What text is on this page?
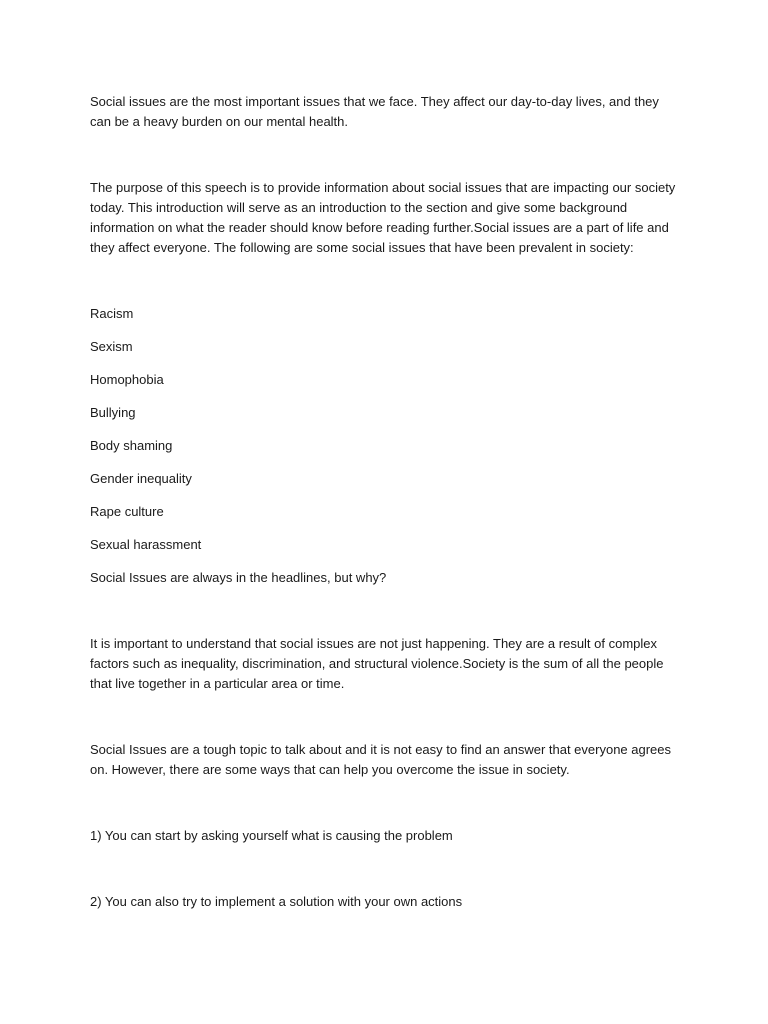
Social issues are the most important issues that we face. They affect our day-to-day lives, and they can be a heavy burden on our mental health.

The purpose of this speech is to provide information about social issues that are impacting our society today. This introduction will serve as an introduction to the section and give some background information on what the reader should know before reading further.Social issues are a part of life and they affect everyone. The following are some social issues that have been prevalent in society:

Racism

Sexism

Homophobia

Bullying

Body shaming

Gender inequality

Rape culture

Sexual harassment

Social Issues are always in the headlines, but why?

It is important to understand that social issues are not just happening. They are a result of complex factors such as inequality, discrimination, and structural violence.Society is the sum of all the people that live together in a particular area or time.

Social Issues are a tough topic to talk about and it is not easy to find an answer that everyone agrees on. However, there are some ways that can help you overcome the issue in society.

1) You can start by asking yourself what is causing the problem

2) You can also try to implement a solution with your own actions
